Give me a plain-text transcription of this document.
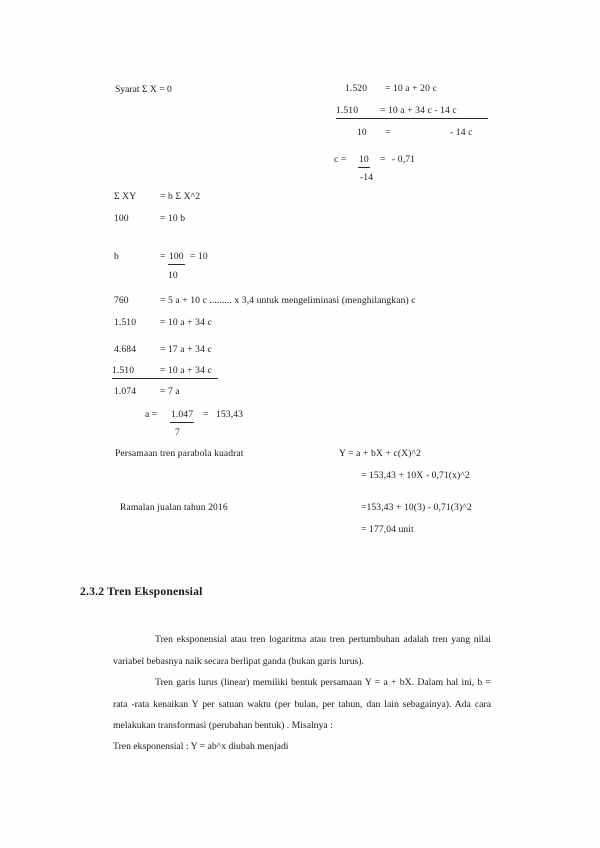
Syarat Σ X = 0	1.520 = 10 a + 20 c
1.510 = 10 a + 34 c - 14 c
10 =	- 14 c
c = 10 = - 0,71
-14
Σ XY = b Σ X^2
100	= 10 b
b	= 100 = 10
10
760	= 5 a + 10 c ......... x 3,4 untuk mengeliminasi (menghilangkan) c
1.510 = 10 a + 34 c
4.684 = 17 a + 34 c
1.510	= 10 a + 34 c
1.074 = 7 a
a = 1.047 = 153,43
7
Persamaan tren parabola kuadrat	Y = a + bX + c(X)^2
= 153,43 + 10X - 0,71(x)^2
Ramalan jualan tahun 2016	=153,43 + 10(3) - 0,71(3)^2
= 177,04 unit
2.3.2 Tren Eksponensial
Tren eksponensial atau tren logaritma atau tren pertumbuhan adalah tren yang nilai variabel bebasnya naik secara berlipat ganda (bukan garis lurus).
Tren garis lurus (linear) memiliki bentuk persamaan Y = a + bX. Dalam hal ini, b = rata -rata kenaikan Y per satuan waktu (per bulan, per tahun, dan lain sebagainya). Ada cara melakukan transformasi (perubahan bentuk) . Misalnya :
Tren eksponensial : Y = ab^x diubah menjadi
